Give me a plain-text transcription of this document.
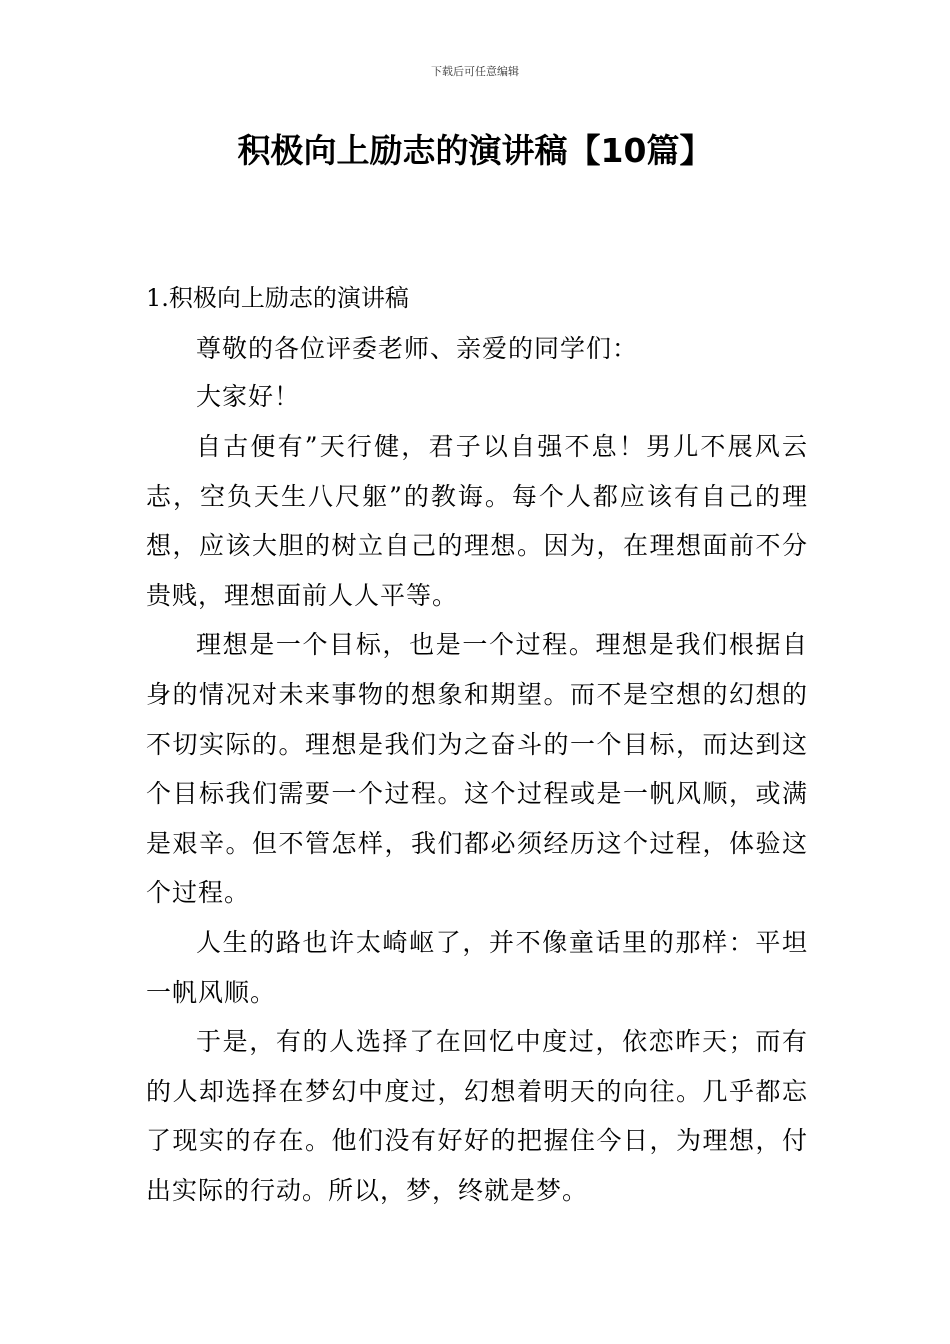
下载后可任意编辑
积极向上励志的演讲稿【10篇】
1.积极向上励志的演讲稿

尊敬的各位评委老师、亲爱的同学们：

大家好！

自古便有”天行健，君子以自强不息！男儿不展风云志，空负天生八尺躯”的教诲。每个人都应该有自己的理想，应该大胆的树立自己的理想。因为，在理想面前不分贵贱，理想面前人人平等。

理想是一个目标，也是一个过程。理想是我们根据自身的情况对未来事物的想象和期望。而不是空想的幻想的不切实际的。理想是我们为之奋斗的一个目标，而达到这个目标我们需要一个过程。这个过程或是一帆风顺，或满是艰辛。但不管怎样，我们都必须经历这个过程，体验这个过程。

人生的路也许太崎岖了，并不像童话里的那样：平坦一帆风顺。

于是，有的人选择了在回忆中度过，依恋昨天；而有的人却选择在梦幻中度过，幻想着明天的向往。几乎都忘了现实的存在。他们没有好好的把握住今日，为理想，付出实际的行动。所以，梦，终就是梦。
